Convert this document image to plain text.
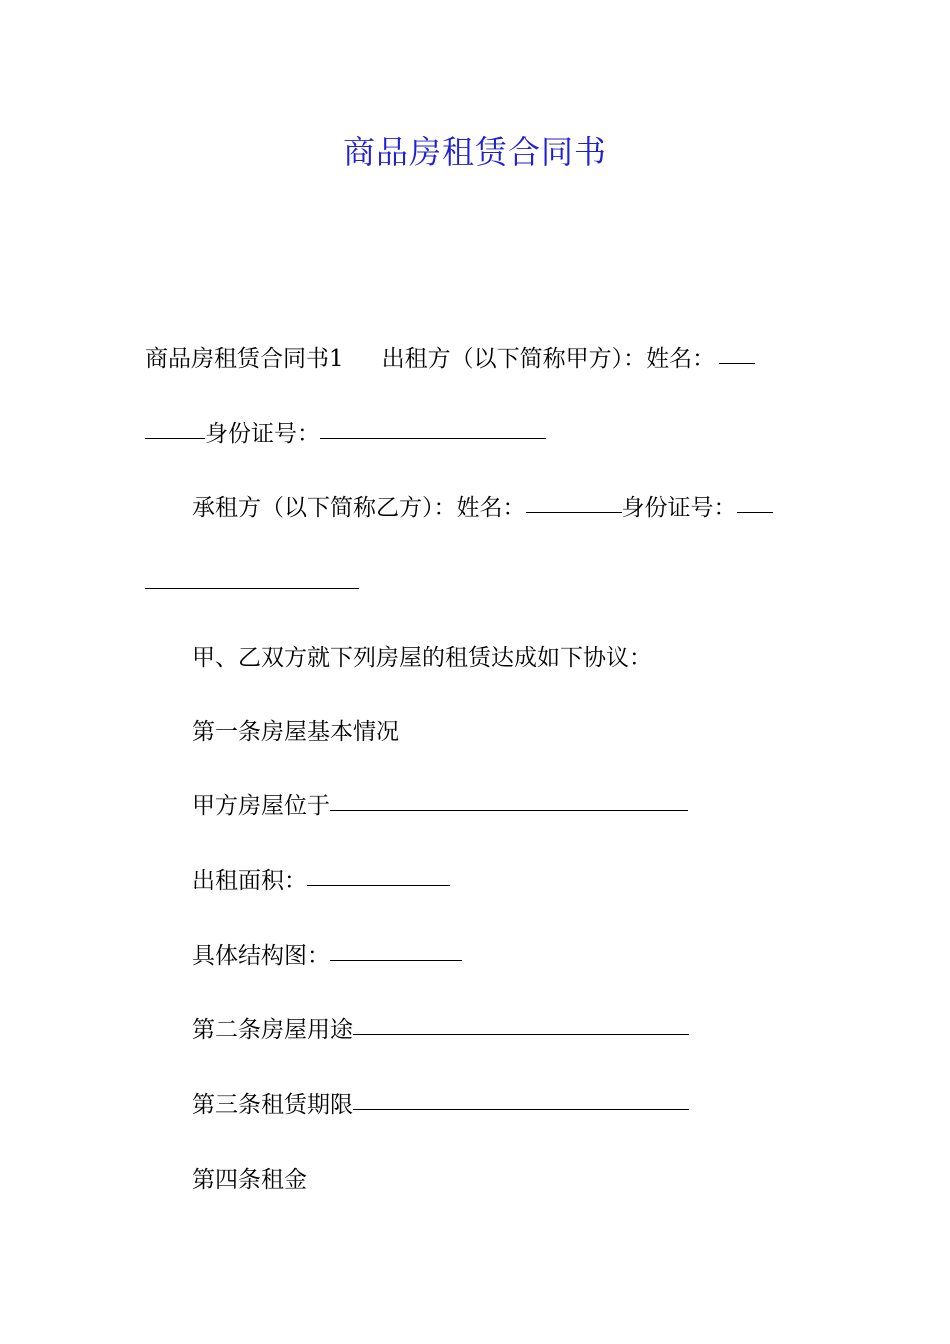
商品房租赁合同书
商品房租赁合同书1 出租方（以下简称甲方）：姓名：
身份证号：
承租方（以下简称乙方）：姓名：	身份证号：
甲、乙双方就下列房屋的租赁达成如下协议：
第一条房屋基本情况
甲方房屋位于
出租面积：
具体结构图：
第二条房屋用途
第三条租赁期限
第四条租金
